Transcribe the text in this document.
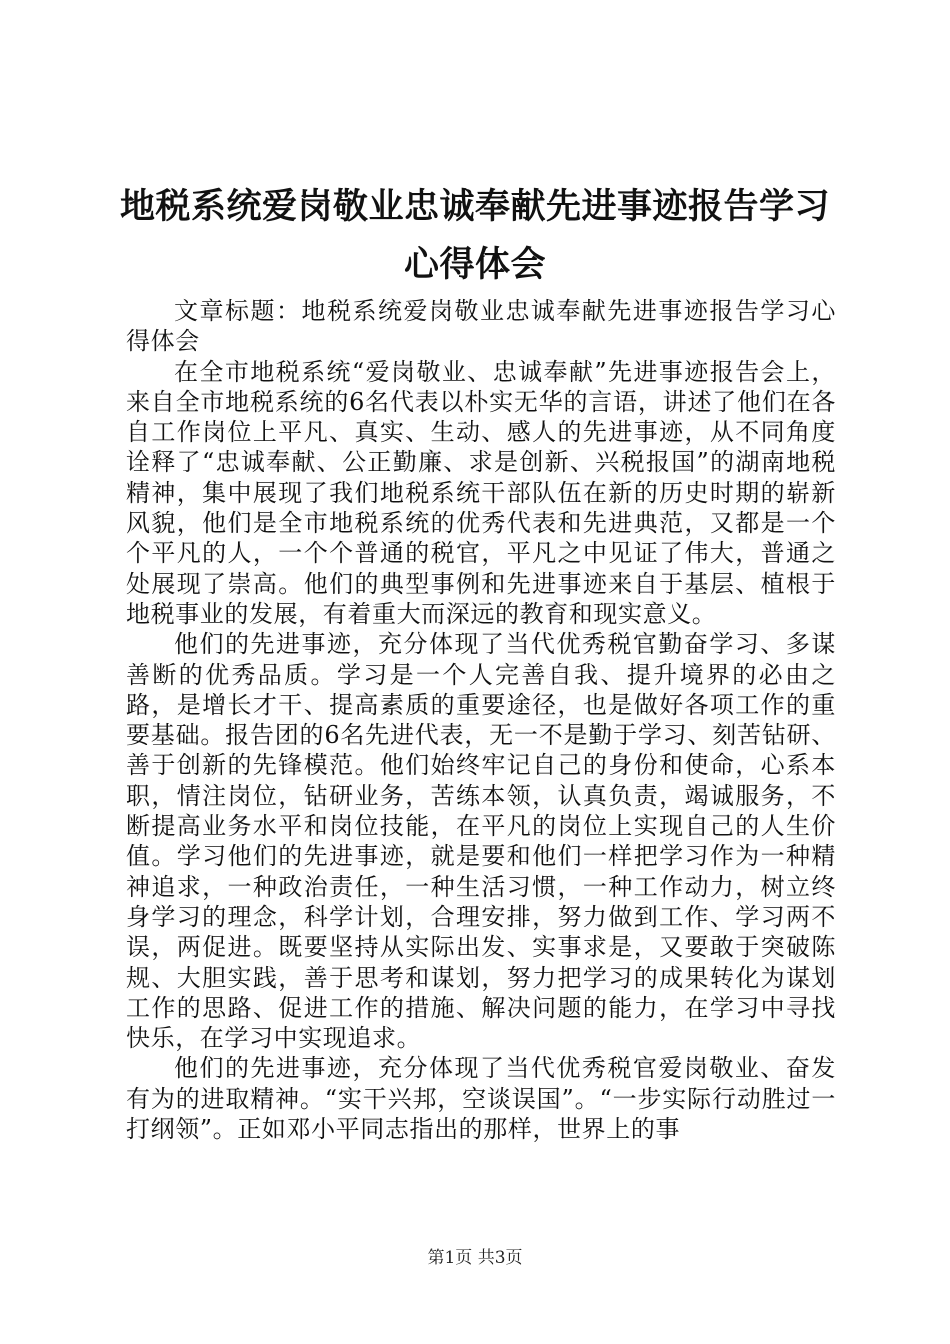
地税系统爱岗敬业忠诚奉献先进事迹报告学习
心得体会

文章标题：地税系统爱岗敬业忠诚奉献先进事迹报告学习心得体会

在全市地税系统“爱岗敬业、忠诚奉献”先进事迹报告会上，来自全市地税系统的6名代表以朴实无华的言语，讲述了他们在各自工作岗位上平凡、真实、生动、感人的先进事迹，从不同角度诠释了“忠诚奉献、公正勤廉、求是创新、兴税报国”的湖南地税精神，集中展现了我们地税系统干部队伍在新的历史时期的崭新风貌，他们是全市地税系统的优秀代表和先进典范，又都是一个个平凡的人，一个个普通的税官，平凡之中见证了伟大，普通之处展现了崇高。他们的典型事例和先进事迹来自于基层、植根于地税事业的发展，有着重大而深远的教育和现实意义。

他们的先进事迹，充分体现了当代优秀税官勤奋学习、多谋善断的优秀品质。学习是一个人完善自我、提升境界的必由之路，是增长才干、提高素质的重要途径，也是做好各项工作的重要基础。报告团的6名先进代表，无一不是勤于学习、刻苦钻研、善于创新的先锋模范。他们始终牢记自己的身份和使命，心系本职，情注岗位，钻研业务，苦练本领，认真负责，竭诚服务，不断提高业务水平和岗位技能，在平凡的岗位上实现自己的人生价值。学习他们的先进事迹，就是要和他们一样把学习作为一种精神追求，一种政治责任，一种生活习惯，一种工作动力，树立终身学习的理念，科学计划，合理安排，努力做到工作、学习两不误，两促进。既要坚持从实际出发、实事求是，又要敢于突破陈规、大胆实践，善于思考和谋划，努力把学习的成果转化为谋划工作的思路、促进工作的措施、解决问题的能力，在学习中寻找快乐，在学习中实现追求。

他们的先进事迹，充分体现了当代优秀税官爱岗敬业、奋发有为的进取精神。“实干兴邦，空谈误国”。“一步实际行动胜过一打纲领”。正如邓小平同志指出的那样，世界上的事

第1页 共3页
